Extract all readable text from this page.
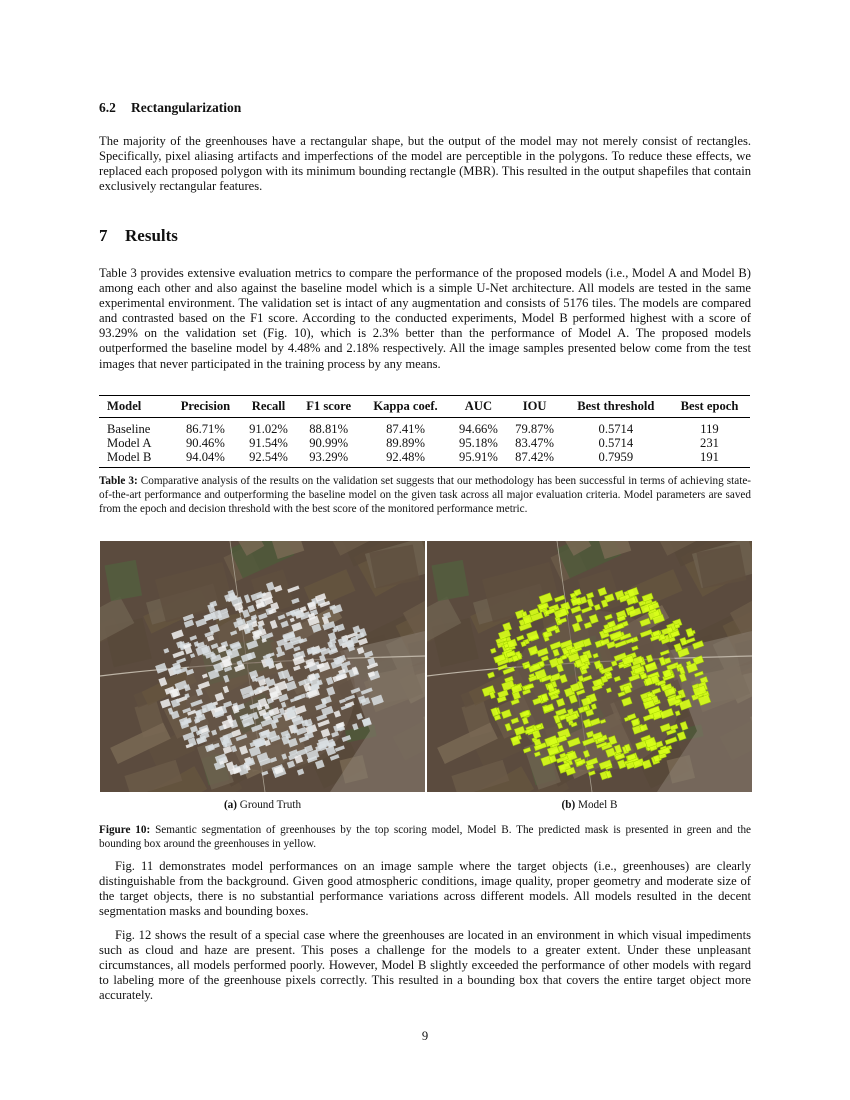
6.2 Rectangularization

The majority of the greenhouses have a rectangular shape, but the output of the model may not merely consist of rectangles. Specifically, pixel aliasing artifacts and imperfections of the model are perceptible in the polygons. To reduce these effects, we replaced each proposed polygon with its minimum bounding rectangle (MBR). This resulted in the output shapefiles that contain exclusively rectangular features.

7 Results

Table 3 provides extensive evaluation metrics to compare the performance of the proposed models (i.e., Model A and Model B) among each other and also against the baseline model which is a simple U-Net architecture. All models are tested in the same experimental environment. The validation set is intact of any augmentation and consists of 5176 tiles. The models are compared and contrasted based on the F1 score. According to the conducted experiments, Model B performed highest with a score of 93.29% on the validation set (Fig. 10), which is 2.3% better than the performance of Model A. The proposed models outperformed the baseline model by 4.48% and 2.18% respectively. All the image samples presented below come from the test images that never participated in the training process by any means.

Model	Precision	Recall	F1 score	Kappa coef.	AUC	IOU	Best threshold	Best epoch
Baseline	86.71%	91.02%	88.81%	87.41%	94.66%	79.87%	0.5714	119
Model A	90.46%	91.54%	90.99%	89.89%	95.18%	83.47%	0.5714	231
Model B	94.04%	92.54%	93.29%	92.48%	95.91%	87.42%	0.7959	191
Table 3: Comparative analysis of the results on the validation set suggests that our methodology has been successful in terms of achieving state-of-the-art performance and outperforming the baseline model on the given task across all major evaluation criteria. Model parameters are saved from the epoch and decision threshold with the best score of the monitored performance metric.
(a) Ground Truth	(b) Model B
Figure 10: Semantic segmentation of greenhouses by the top scoring model, Model B. The predicted mask is presented in green and the bounding box around the greenhouses in yellow.

Fig. 11 demonstrates model performances on an image sample where the target objects (i.e., greenhouses) are clearly distinguishable from the background. Given good atmospheric conditions, image quality, proper geometry and moderate size of the target objects, there is no substantial performance variations across different models. All models resulted in the decent segmentation masks and bounding boxes.

Fig. 12 shows the result of a special case where the greenhouses are located in an environment in which visual impediments such as cloud and haze are present. This poses a challenge for the models to a greater extent. Under these unpleasant circumstances, all models performed poorly. However, Model B slightly exceeded the performance of other models with regard to labeling more of the greenhouse pixels correctly. This resulted in a bounding box that covers the entire target object more accurately.

9
